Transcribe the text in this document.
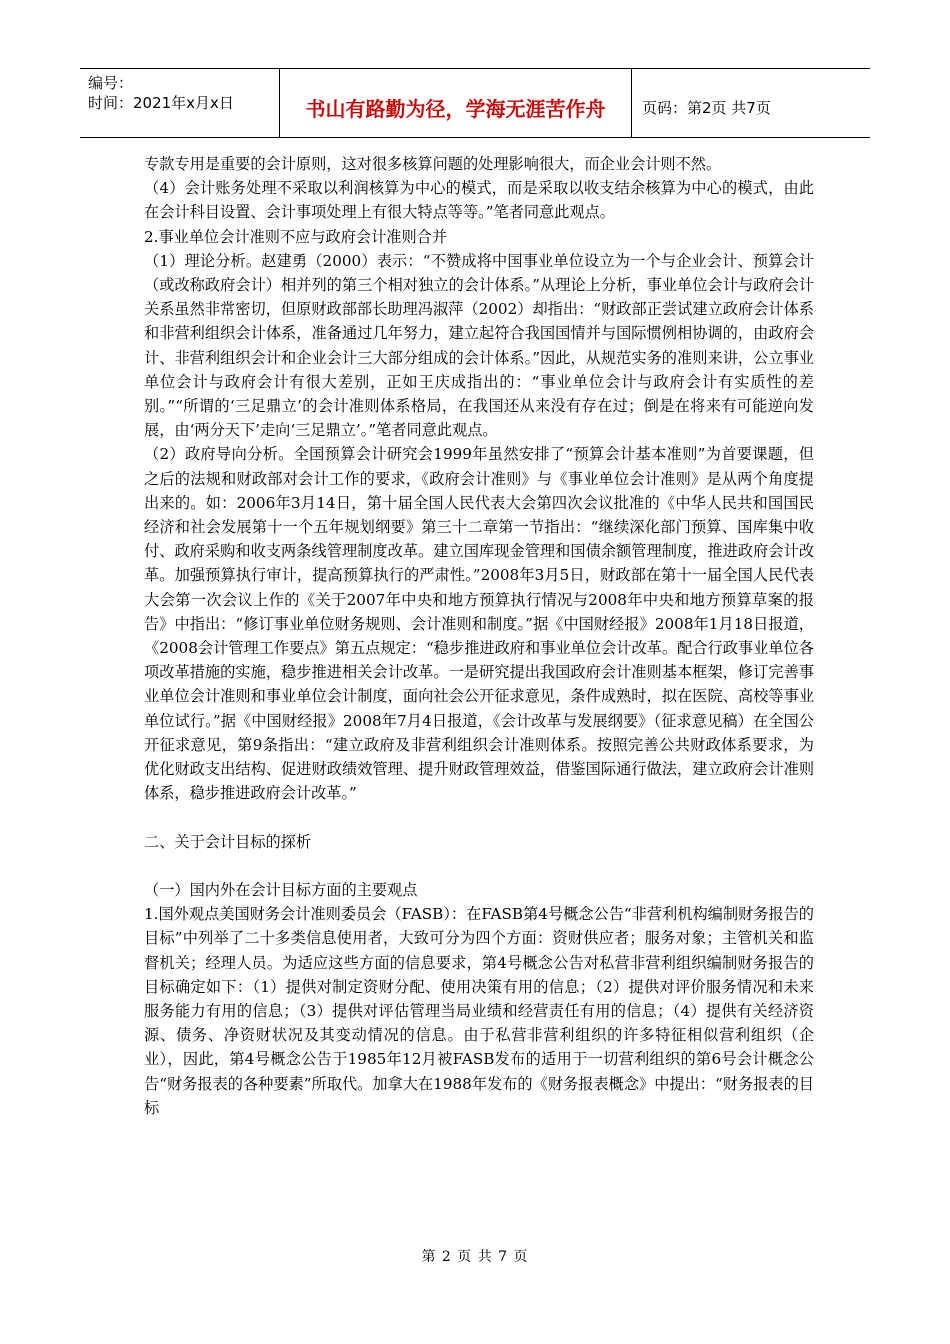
编号：
时间：2021年x月x日	书山有路勤为径，学海无涯苦作舟	页码：第2页 共7页

专款专用是重要的会计原则，这对很多核算问题的处理影响很大，而企业会计则不然。

（4）会计账务处理不采取以利润核算为中心的模式，而是采取以收支结余核算为中心的模式，由此在会计科目设置、会计事项处理上有很大特点等等。”笔者同意此观点。

2.事业单位会计准则不应与政府会计准则合并

（1）理论分析。赵建勇（2000）表示：“不赞成将中国事业单位设立为一个与企业会计、预算会计（或改称政府会计）相并列的第三个相对独立的会计体系。”从理论上分析，事业单位会计与政府会计关系虽然非常密切，但原财政部部长助理冯淑萍（2002）却指出：“财政部正尝试建立政府会计体系和非营利组织会计体系，准备通过几年努力，建立起符合我国国情并与国际惯例相协调的，由政府会计、非营利组织会计和企业会计三大部分组成的会计体系。”因此，从规范实务的准则来讲，公立事业单位会计与政府会计有很大差别，正如王庆成指出的：“事业单位会计与政府会计有实质性的差别。”“所谓的‘三足鼎立’的会计准则体系格局，在我国还从来没有存在过；倒是在将来有可能逆向发展，由‘两分天下’走向‘三足鼎立’。”笔者同意此观点。

（2）政府导向分析。全国预算会计研究会1999年虽然安排了“预算会计基本准则”为首要课题，但之后的法规和财政部对会计工作的要求，《政府会计准则》与《事业单位会计准则》是从两个角度提出来的。如：2006年3月14日，第十届全国人民代表大会第四次会议批准的《中华人民共和国国民经济和社会发展第十一个五年规划纲要》第三十二章第一节指出：“继续深化部门预算、国库集中收付、政府采购和收支两条线管理制度改革。建立国库现金管理和国债余额管理制度，推进政府会计改革。加强预算执行审计，提高预算执行的严肃性。”2008年3月5日，财政部在第十一届全国人民代表大会第一次会议上作的《关于2007年中央和地方预算执行情况与2008年中央和地方预算草案的报告》中指出：“修订事业单位财务规则、会计准则和制度。”据《中国财经报》2008年1月18日报道，《2008会计管理工作要点》第五点规定：“稳步推进政府和事业单位会计改革。配合行政事业单位各项改革措施的实施，稳步推进相关会计改革。一是研究提出我国政府会计准则基本框架，修订完善事业单位会计准则和事业单位会计制度，面向社会公开征求意见，条件成熟时，拟在医院、高校等事业单位试行。”据《中国财经报》2008年7月4日报道，《会计改革与发展纲要》（征求意见稿）在全国公开征求意见，第9条指出：“建立政府及非营利组织会计准则体系。按照完善公共财政体系要求，为优化财政支出结构、促进财政绩效管理、提升财政管理效益，借鉴国际通行做法，建立政府会计准则体系，稳步推进政府会计改革。”

二、关于会计目标的探析

（一）国内外在会计目标方面的主要观点

1.国外观点美国财务会计准则委员会（FASB）：在FASB第4号概念公告“非营利机构编制财务报告的目标”中列举了二十多类信息使用者，大致可分为四个方面：资财供应者；服务对象；主管机关和监督机关；经理人员。为适应这些方面的信息要求，第4号概念公告对私营非营利组织编制财务报告的目标确定如下：（1）提供对制定资财分配、使用决策有用的信息；（2）提供对评价服务情况和未来服务能力有用的信息；（3）提供对评估管理当局业绩和经营责任有用的信息；（4）提供有关经济资源、债务、净资财状况及其变动情况的信息。由于私营非营利组织的许多特征相似营利组织（企业），因此，第4号概念公告于1985年12月被FASB发布的适用于一切营利组织的第6号会计概念公告“财务报表的各种要素”所取代。加拿大在1988年发布的《财务报表概念》中提出：“财务报表的目标

第 2 页 共 7 页
